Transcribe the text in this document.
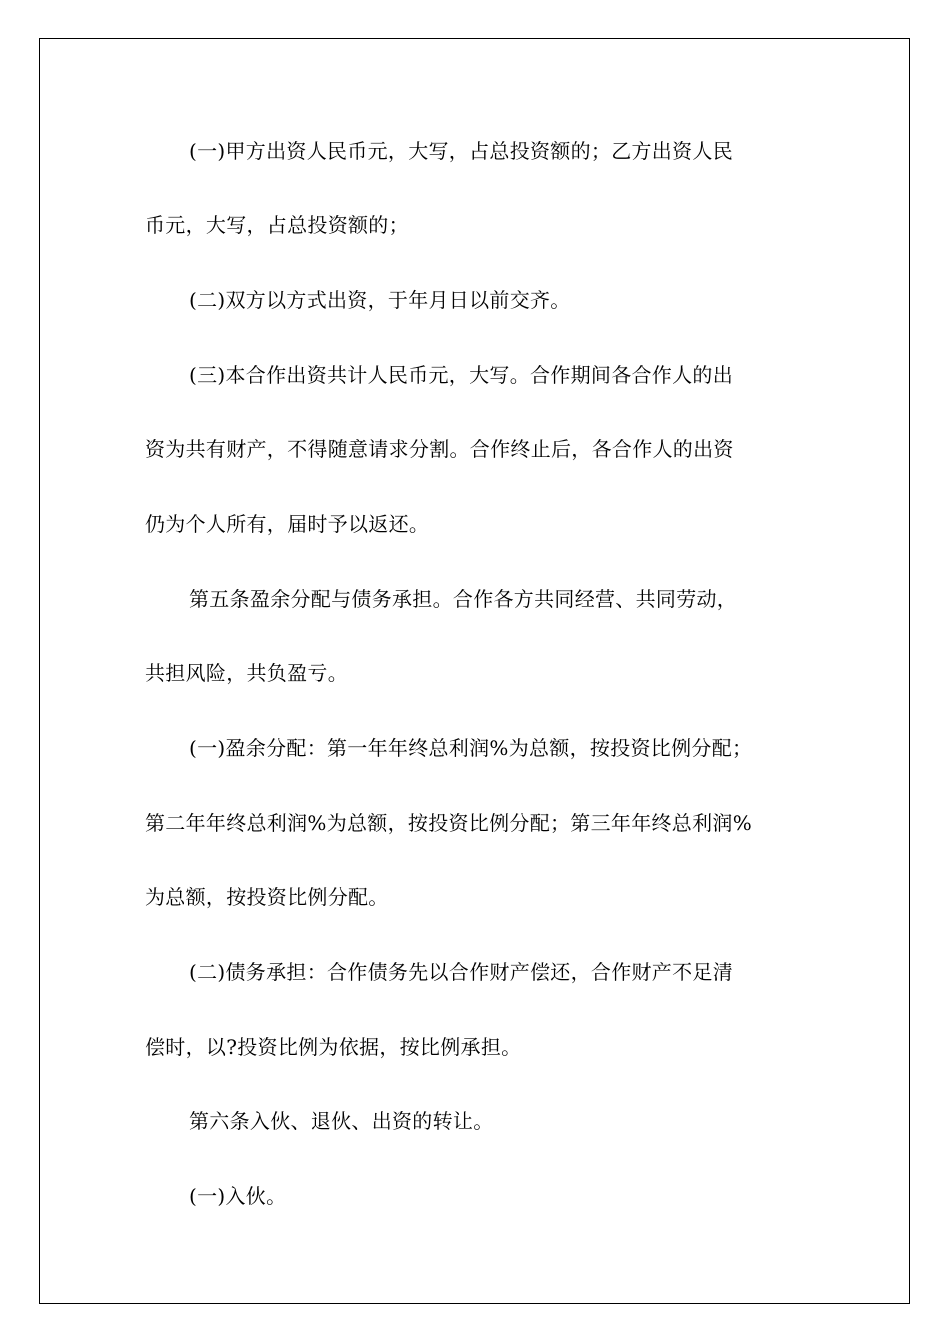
(一)甲方出资人民币元，大写，占总投资额的；乙方出资人民
币元，大写，占总投资额的；
(二)双方以方式出资，于年月日以前交齐。
(三)本合作出资共计人民币元，大写。合作期间各合作人的出
资为共有财产，不得随意请求分割。合作终止后，各合作人的出资
仍为个人所有，届时予以返还。
第五条盈余分配与债务承担。合作各方共同经营、共同劳动，
共担风险，共负盈亏。
(一)盈余分配：第一年年终总利润%为总额，按投资比例分配；
第二年年终总利润%为总额，按投资比例分配；第三年年终总利润%
为总额，按投资比例分配。
(二)债务承担：合作债务先以合作财产偿还，合作财产不足清
偿时，以?投资比例为依据，按比例承担。
第六条入伙、退伙、出资的转让。
(一)入伙。
